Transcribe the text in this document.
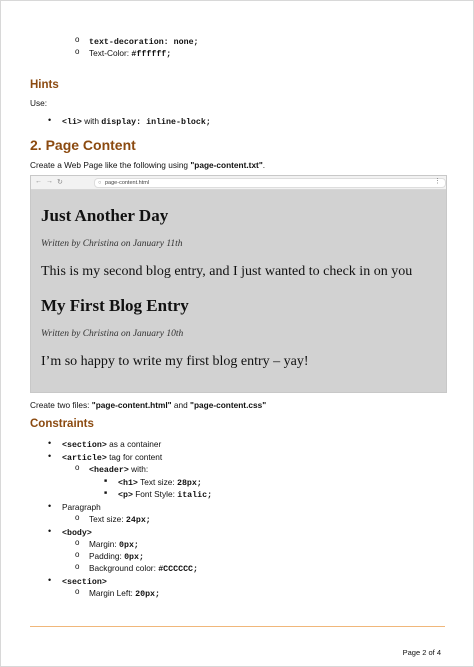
o text-decoration: none;
o Text-Color: #ffffff;
Hints
Use:
• <li> with display: inline-block;
2. Page Content
Create a Web Page like the following using "page-content.txt".
← → ↻	○ page-content.html	⋮
Just Another Day
Written by Christina on January 11th
This is my second blog entry, and I just wanted to check in on you
My First Blog Entry
Written by Christina on January 10th
I’m so happy to write my first blog entry – yay!
Create two files: "page-content.html" and "page-content.css"
Constraints
• <section> as a container
• <article> tag for content
o <header> with:
■ <h1> Text size: 28px;
■ <p> Font Style: italic;
• Paragraph
o Text size: 24px;
• <body>
o Margin: 0px;
o Padding: 0px;
o Background color: #CCCCCC;
• <section>
o Margin Left: 20px;
Page 2 of 4
